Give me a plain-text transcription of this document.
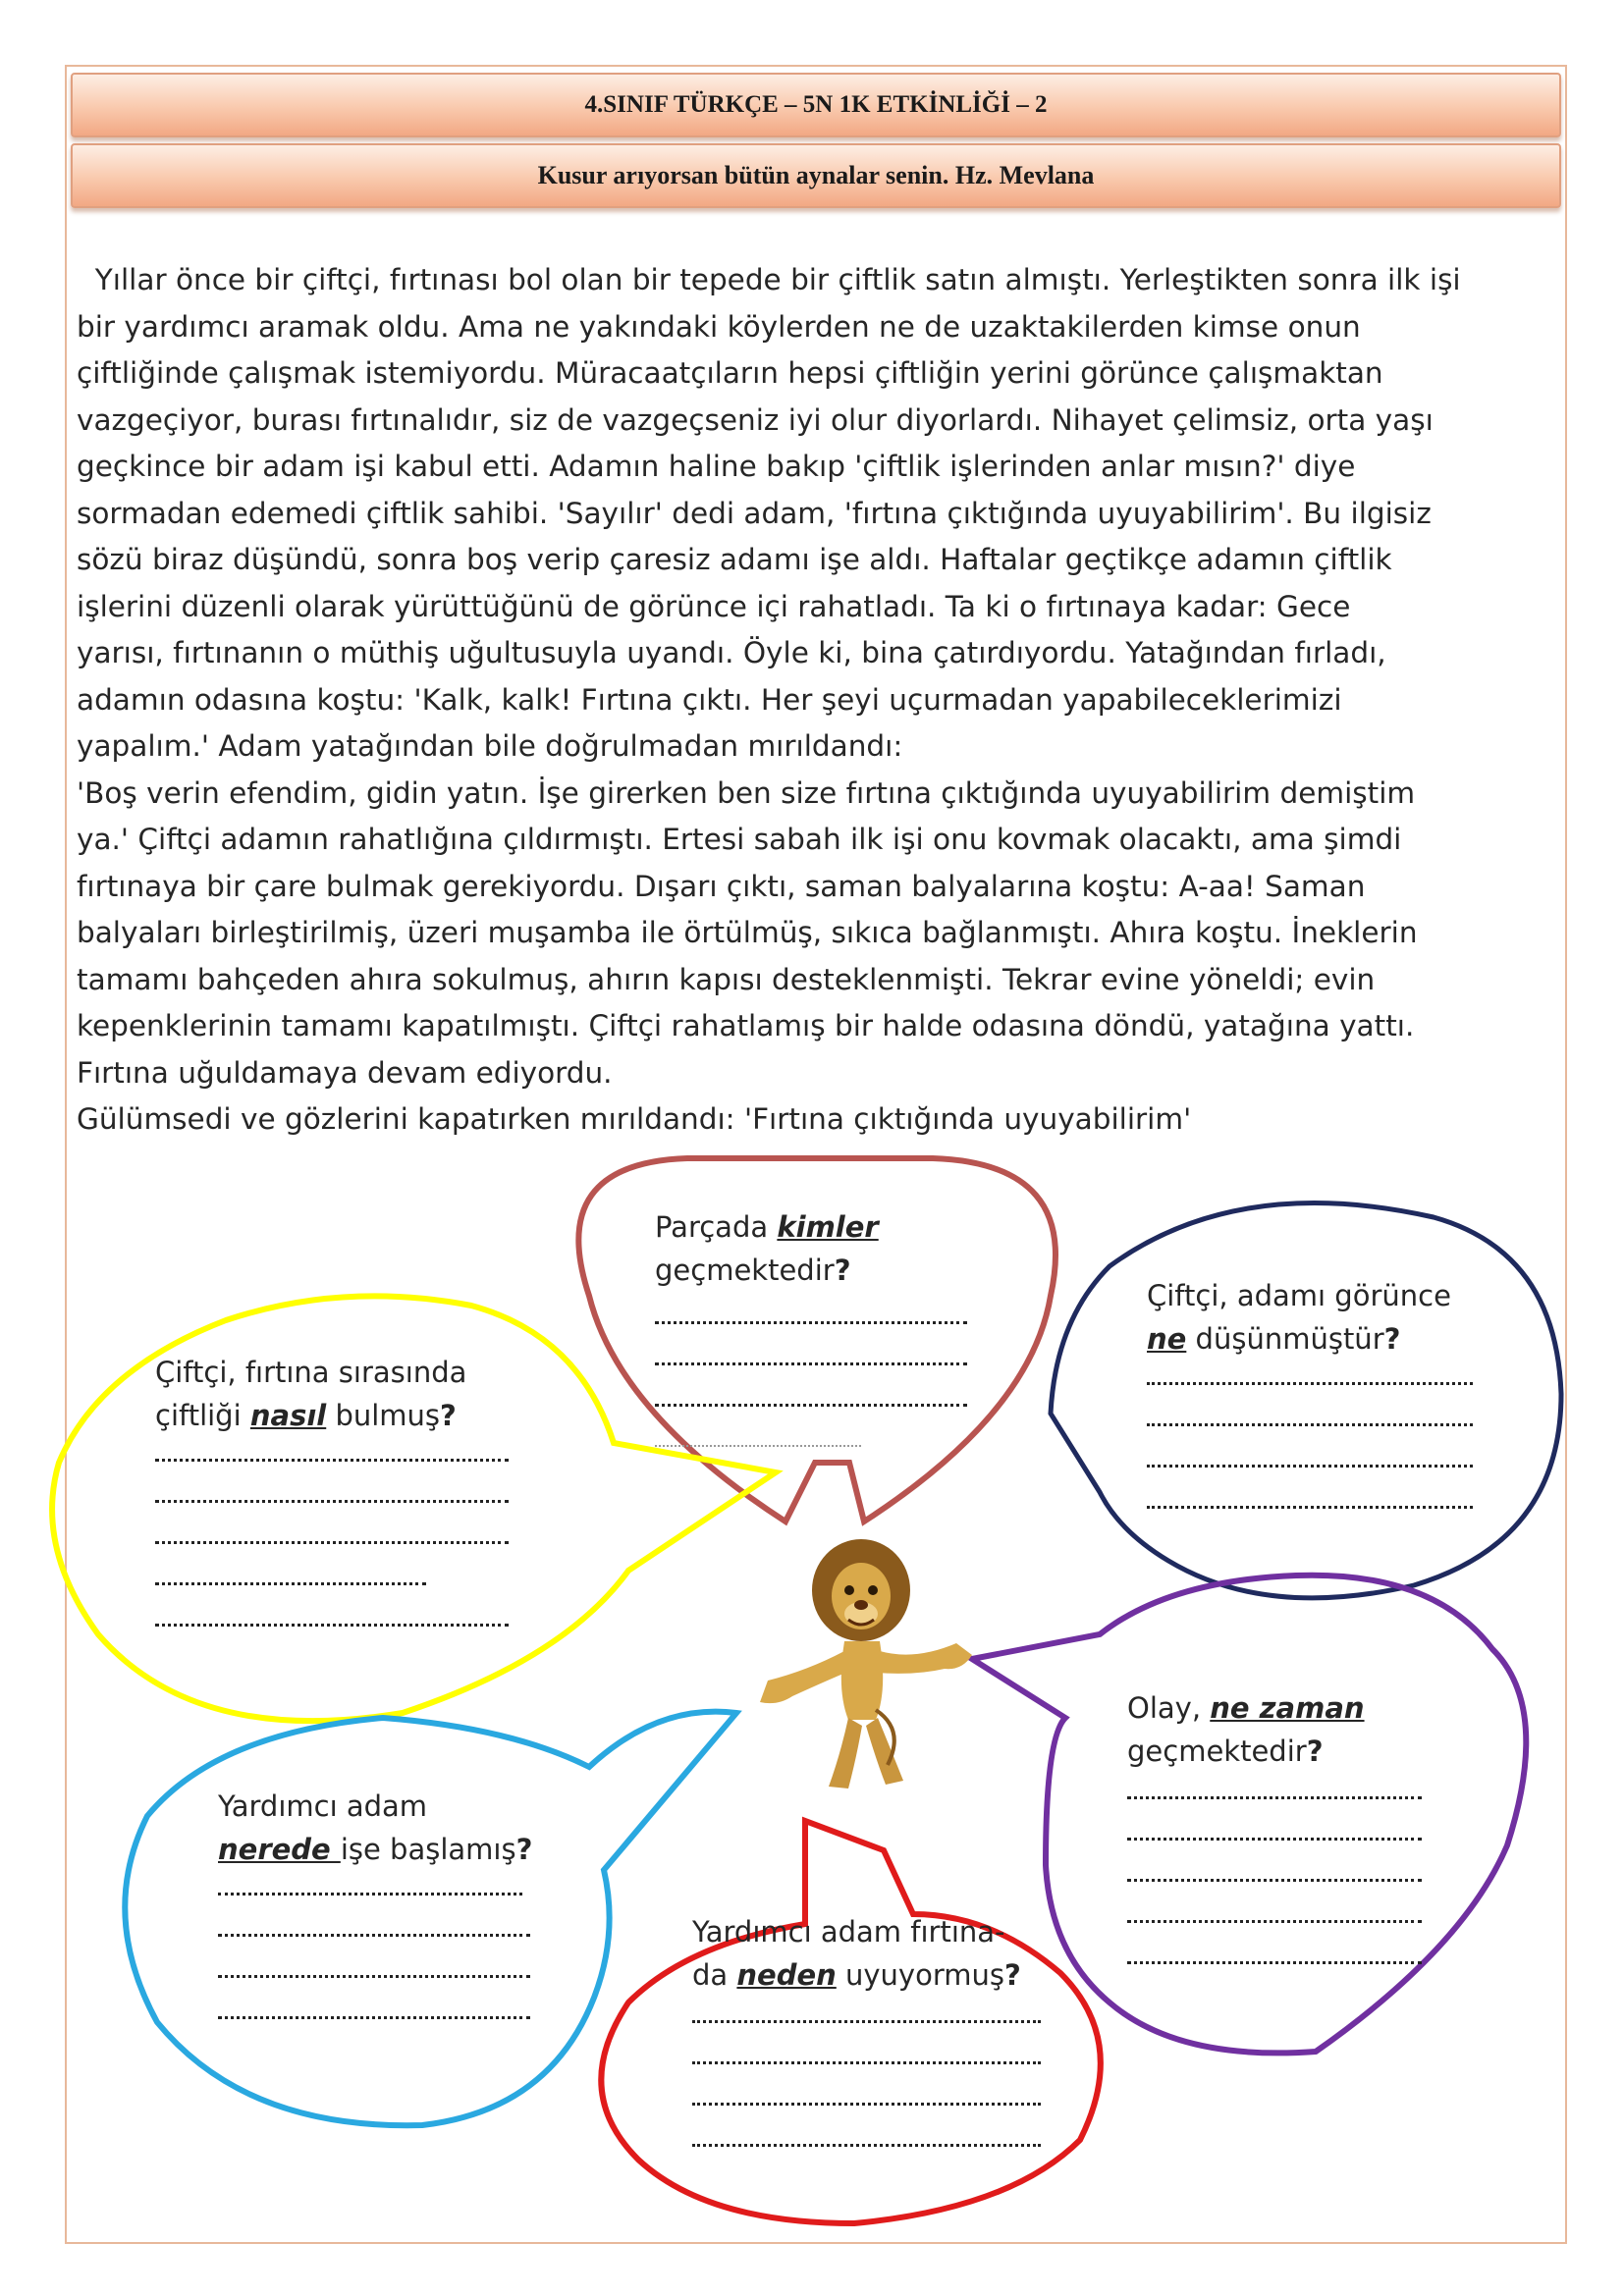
4.SINIF TÜRKÇE – 5N 1K ETKİNLİĞİ – 2
Kusur arıyorsan bütün aynalar senin. Hz. Mevlana

Yıllar önce bir çiftçi, fırtınası bol olan bir tepede bir çiftlik satın almıştı. Yerleştikten sonra ilk işi

bir yardımcı aramak oldu. Ama ne yakındaki köylerden ne de uzaktakilerden kimse onun

çiftliğinde çalışmak istemiyordu. Müracaatçıların hepsi çiftliğin yerini görünce çalışmaktan

vazgeçiyor, burası fırtınalıdır, siz de vazgeçseniz iyi olur diyorlardı. Nihayet çelimsiz, orta yaşı

geçkince bir adam işi kabul etti. Adamın haline bakıp 'çiftlik işlerinden anlar mısın?' diye

sormadan edemedi çiftlik sahibi. 'Sayılır' dedi adam, 'fırtına çıktığında uyuyabilirim'. Bu ilgisiz

sözü biraz düşündü, sonra boş verip çaresiz adamı işe aldı. Haftalar geçtikçe adamın çiftlik

işlerini düzenli olarak yürüttüğünü de görünce içi rahatladı. Ta ki o fırtınaya kadar: Gece

yarısı, fırtınanın o müthiş uğultusuyla uyandı. Öyle ki, bina çatırdıyordu. Yatağından fırladı,

adamın odasına koştu: 'Kalk, kalk! Fırtına çıktı. Her şeyi uçurmadan yapabileceklerimizi

yapalım.' Adam yatağından bile doğrulmadan mırıldandı:

'Boş verin efendim, gidin yatın. İşe girerken ben size fırtına çıktığında uyuyabilirim demiştim

ya.' Çiftçi adamın rahatlığına çıldırmıştı. Ertesi sabah ilk işi onu kovmak olacaktı, ama şimdi

fırtınaya bir çare bulmak gerekiyordu. Dışarı çıktı, saman balyalarına koştu: A-aa! Saman

balyaları birleştirilmiş, üzeri muşamba ile örtülmüş, sıkıca bağlanmıştı. Ahıra koştu. İneklerin

tamamı bahçeden ahıra sokulmuş, ahırın kapısı desteklenmişti. Tekrar evine yöneldi; evin

kepenklerinin tamamı kapatılmıştı. Çiftçi rahatlamış bir halde odasına döndü, yatağına yattı.

Fırtına uğuldamaya devam ediyordu.

Gülümsedi ve gözlerini kapatırken mırıldandı: 'Fırtına çıktığında uyuyabilirim'

Parçada kimler
geçmektedir?
Çiftçi, adamı görünce
ne düşünmüştür?
Çiftçi, fırtına sırasında
çiftliği nasıl bulmuş?
Olay, ne zaman
geçmektedir?
Yardımcı adam
nerede işe başlamış?
Yardımcı adam fırtına-
da neden uyuyormuş?
